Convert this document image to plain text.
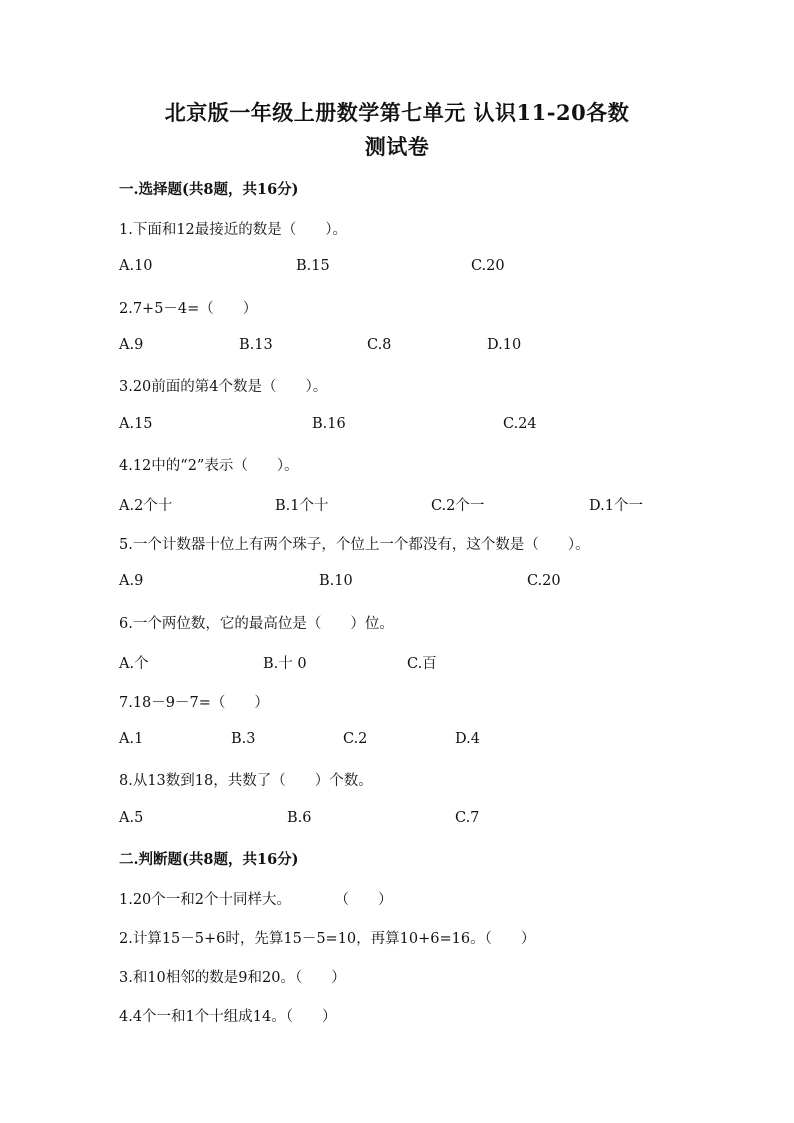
北京版一年级上册数学第七单元 认识11-20各数
测试卷
一.选择题(共8题，共16分)
1.下面和12最接近的数是（　　）。
A.10	B.15	C.20
2.7+5－4=（　　）
A.9	B.13	C.8	D.10
3.20前面的第4个数是（　　）。
A.15	B.16	C.24
4.12中的“2”表示（　　）。
A.2个十	B.1个十	C.2个一	D.1个一
5.一个计数器十位上有两个珠子，个位上一个都没有，这个数是（　　）。
A.9	B.10	C.20
6.一个两位数，它的最高位是（　　）位。
A.个	B.十 0	C.百
7.18－9－7=（　　）
A.1	B.3	C.2	D.4
8.从13数到18，共数了（　　）个数。
A.5	B.6	C.7
二.判断题(共8题，共16分)
1.20个一和2个十同样大。　　　　（　　）
2.计算15－5+6时，先算15－5=10，再算10+6=16。（　　）
3.和10相邻的数是9和20。（　　）
4.4个一和1个十组成14。（　　）
